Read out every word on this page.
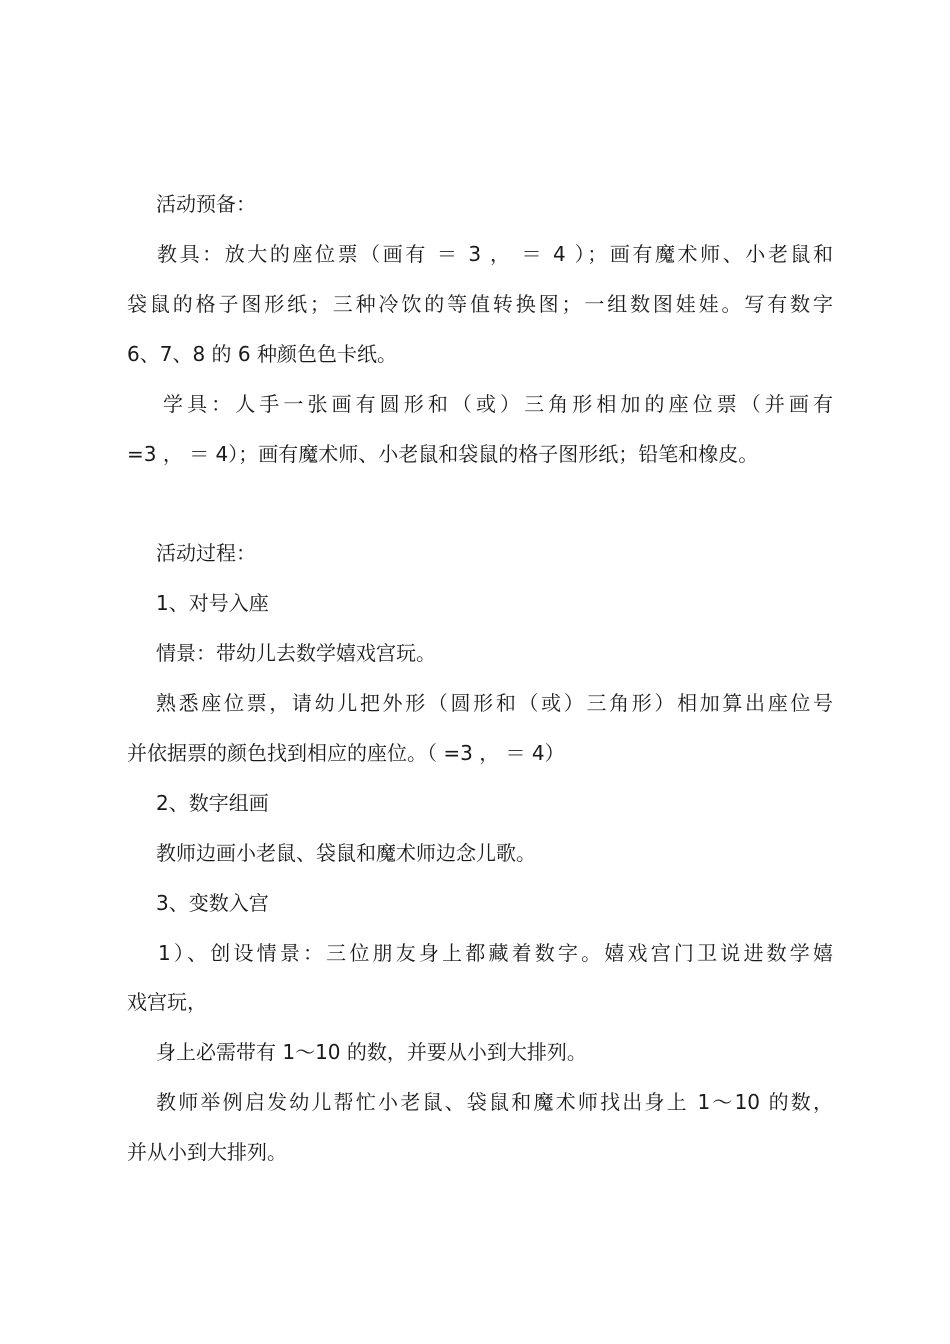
活动预备：
教具：放大的座位票（画有 ＝ 3 ， ＝ 4 ）；画有魔术师、小老鼠和
袋鼠的格子图形纸；三种冷饮的等值转换图；一组数图娃娃。写有数字
6、7、8 的 6 种颜色色卡纸。
学具：人手一张画有圆形和（或）三角形相加的座位票（并画有
=3 ， ＝ 4）；画有魔术师、小老鼠和袋鼠的格子图形纸；铅笔和橡皮。
活动过程：
1、对号入座
情景：带幼儿去数学嬉戏宫玩。
熟悉座位票，请幼儿把外形（圆形和（或）三角形）相加算出座位号
并依据票的颜色找到相应的座位。（ =3 ， ＝ 4）
2、数字组画
教师边画小老鼠、袋鼠和魔术师边念儿歌。
3、变数入宫
1）、创设情景：三位朋友身上都藏着数字。嬉戏宫门卫说进数学嬉
戏宫玩，
身上必需带有 1～10 的数，并要从小到大排列。
教师举例启发幼儿帮忙小老鼠、袋鼠和魔术师找出身上 1～10 的数，
并从小到大排列。
